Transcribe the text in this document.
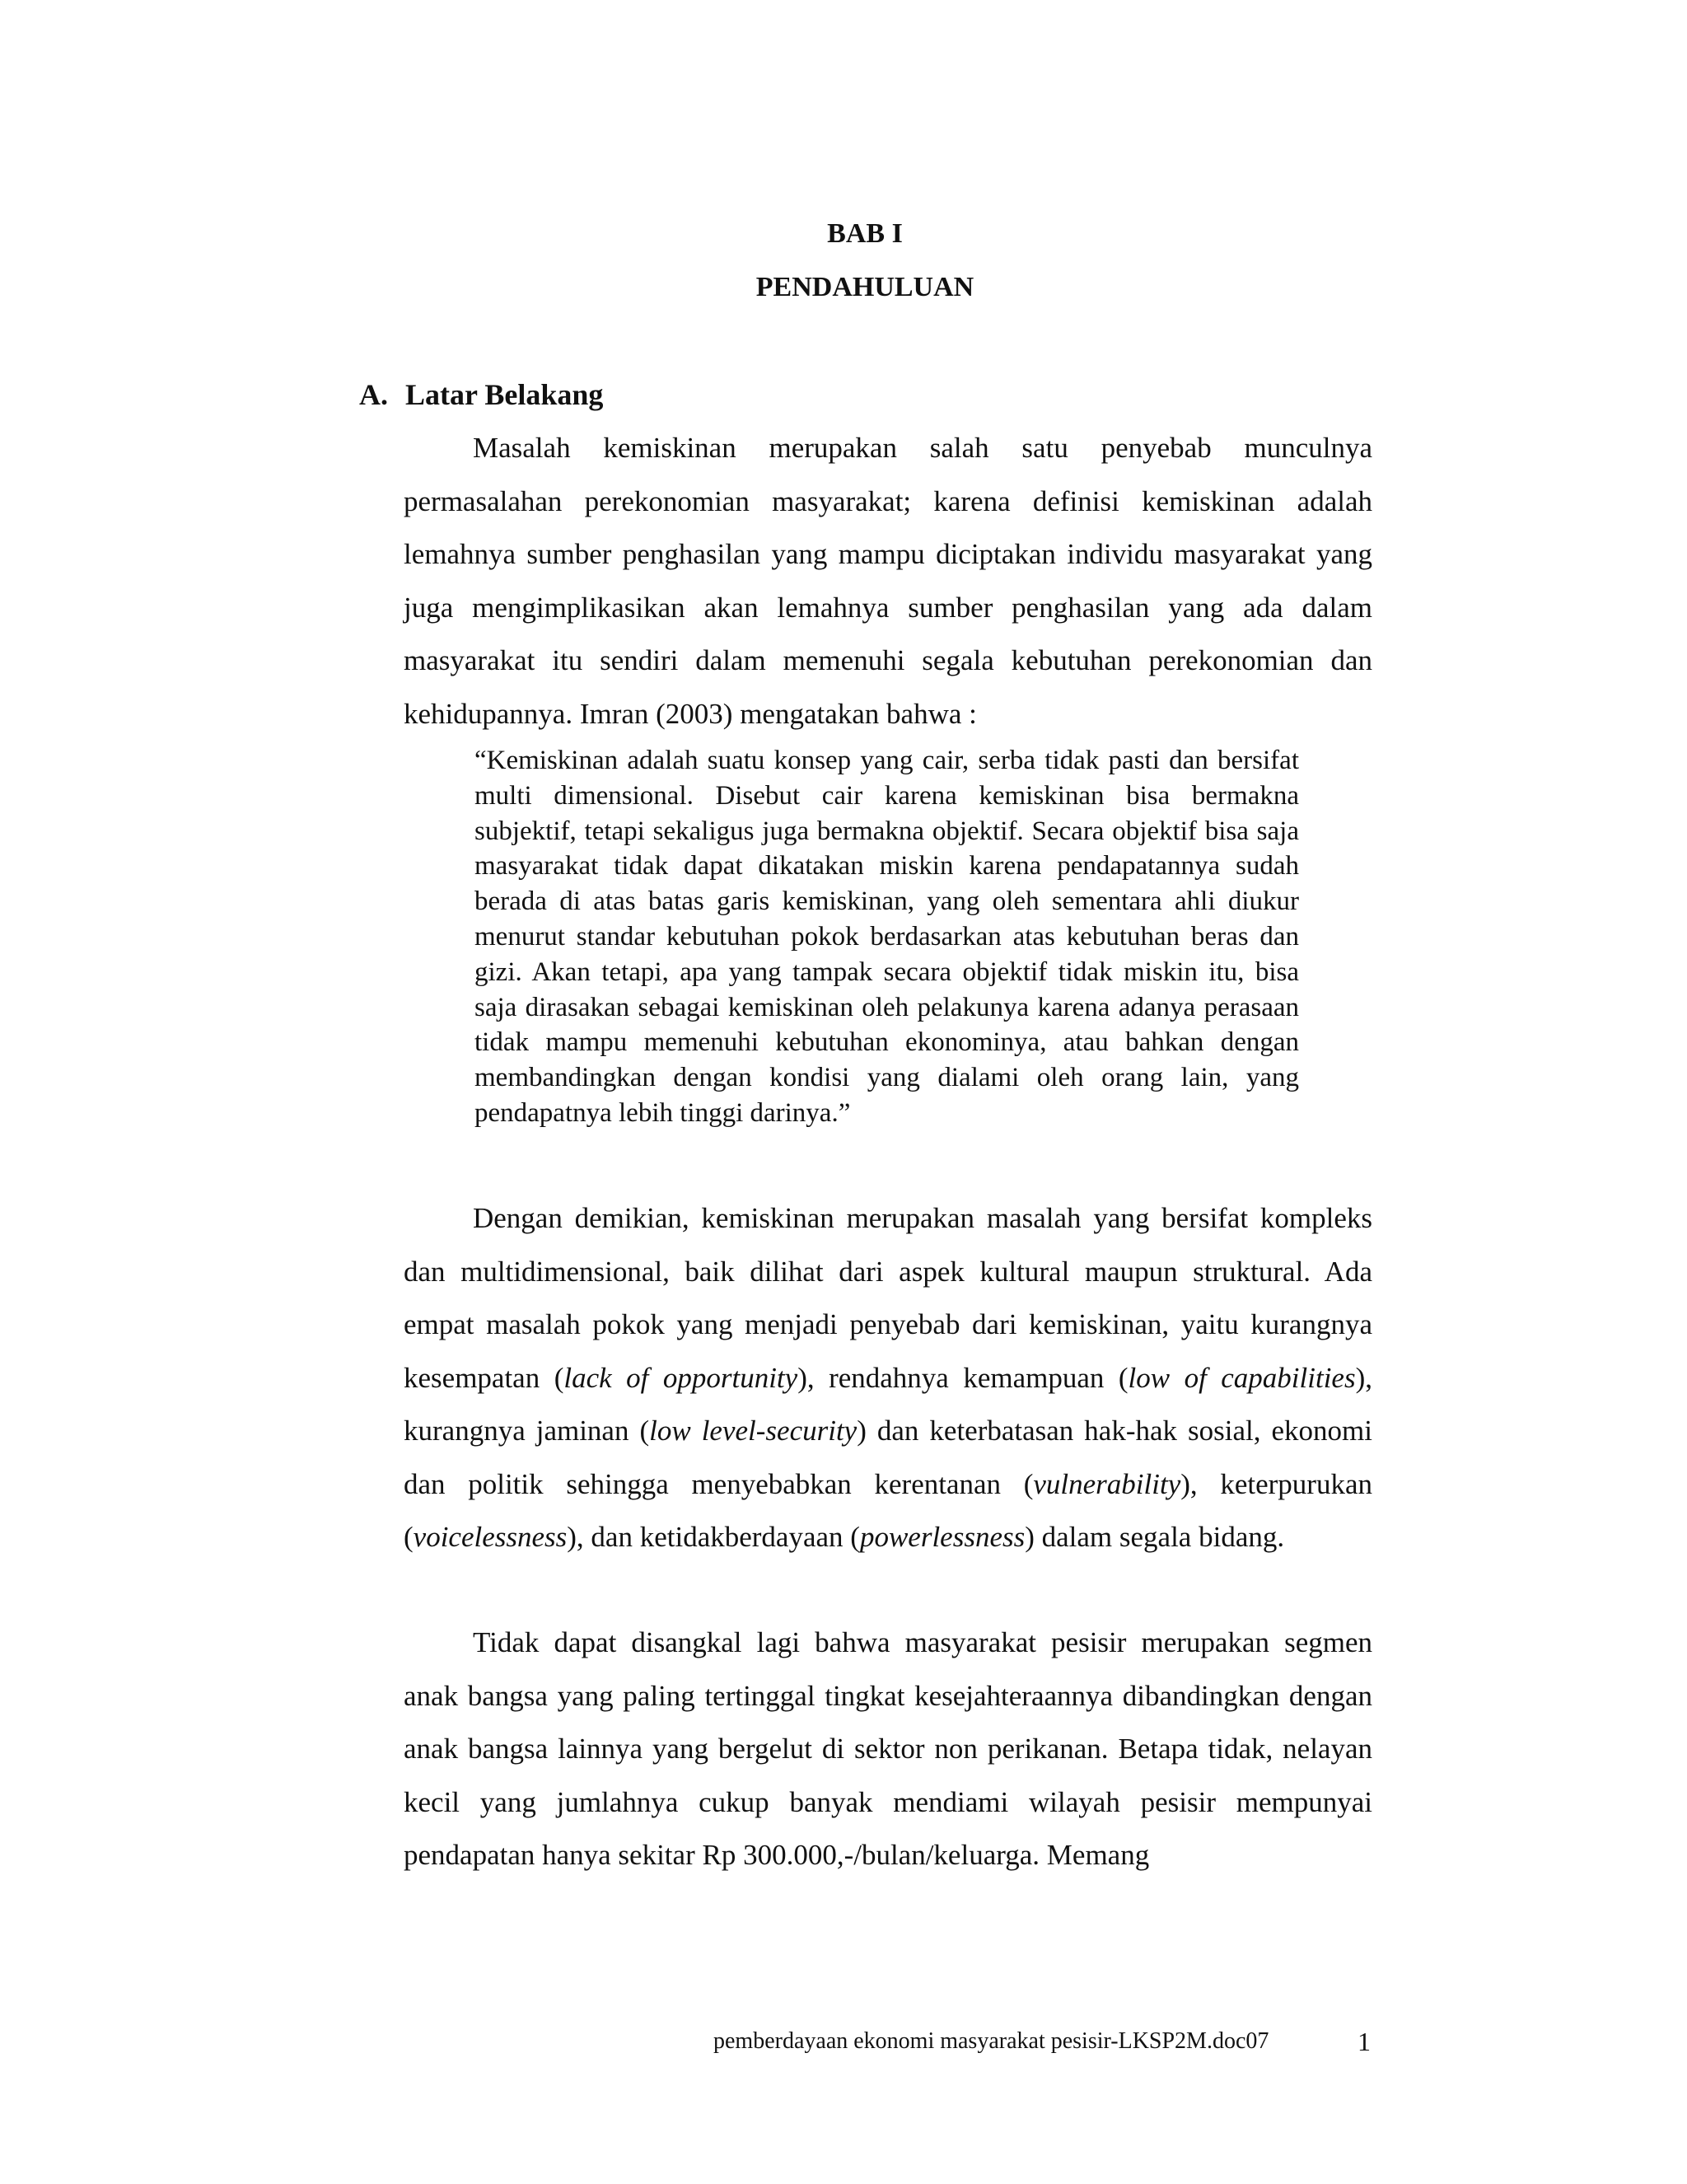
BAB I
PENDAHULUAN
A. Latar Belakang

Masalah kemiskinan merupakan salah satu penyebab munculnya permasalahan perekonomian masyarakat; karena definisi kemiskinan adalah lemahnya sumber penghasilan yang mampu diciptakan individu masyarakat yang juga mengimplikasikan akan lemahnya sumber penghasilan yang ada dalam masyarakat itu sendiri dalam memenuhi segala kebutuhan perekonomian dan kehidupannya. Imran (2003) mengatakan bahwa :

“Kemiskinan adalah suatu konsep yang cair, serba tidak pasti dan bersifat multi dimensional. Disebut cair karena kemiskinan bisa bermakna subjektif, tetapi sekaligus juga bermakna objektif. Secara objektif bisa saja masyarakat tidak dapat dikatakan miskin karena pendapatannya sudah berada di atas batas garis kemiskinan, yang oleh sementara ahli diukur menurut standar kebutuhan pokok berdasarkan atas kebutuhan beras dan gizi. Akan tetapi, apa yang tampak secara objektif tidak miskin itu, bisa saja dirasakan sebagai kemiskinan oleh pelakunya karena adanya perasaan tidak mampu memenuhi kebutuhan ekonominya, atau bahkan dengan membandingkan dengan kondisi yang dialami oleh orang lain, yang pendapatnya lebih tinggi darinya.”

Dengan demikian, kemiskinan merupakan masalah yang bersifat kompleks dan multidimensional, baik dilihat dari aspek kultural maupun struktural. Ada empat masalah pokok yang menjadi penyebab dari kemiskinan, yaitu kurangnya kesempatan (lack of opportunity), rendahnya kemampuan (low of capabilities), kurangnya jaminan (low level-security) dan keterbatasan hak-hak sosial, ekonomi dan politik sehingga menyebabkan kerentanan (vulnerability), keterpurukan (voicelessness), dan ketidakberdayaan (powerlessness) dalam segala bidang.

Tidak dapat disangkal lagi bahwa masyarakat pesisir merupakan segmen anak bangsa yang paling tertinggal tingkat kesejahteraannya dibandingkan dengan anak bangsa lainnya yang bergelut di sektor non perikanan. Betapa tidak, nelayan kecil yang jumlahnya cukup banyak mendiami wilayah pesisir mempunyai pendapatan hanya sekitar Rp 300.000,-/bulan/keluarga. Memang

pemberdayaan ekonomi masyarakat pesisir-LKSP2M.doc07	1
